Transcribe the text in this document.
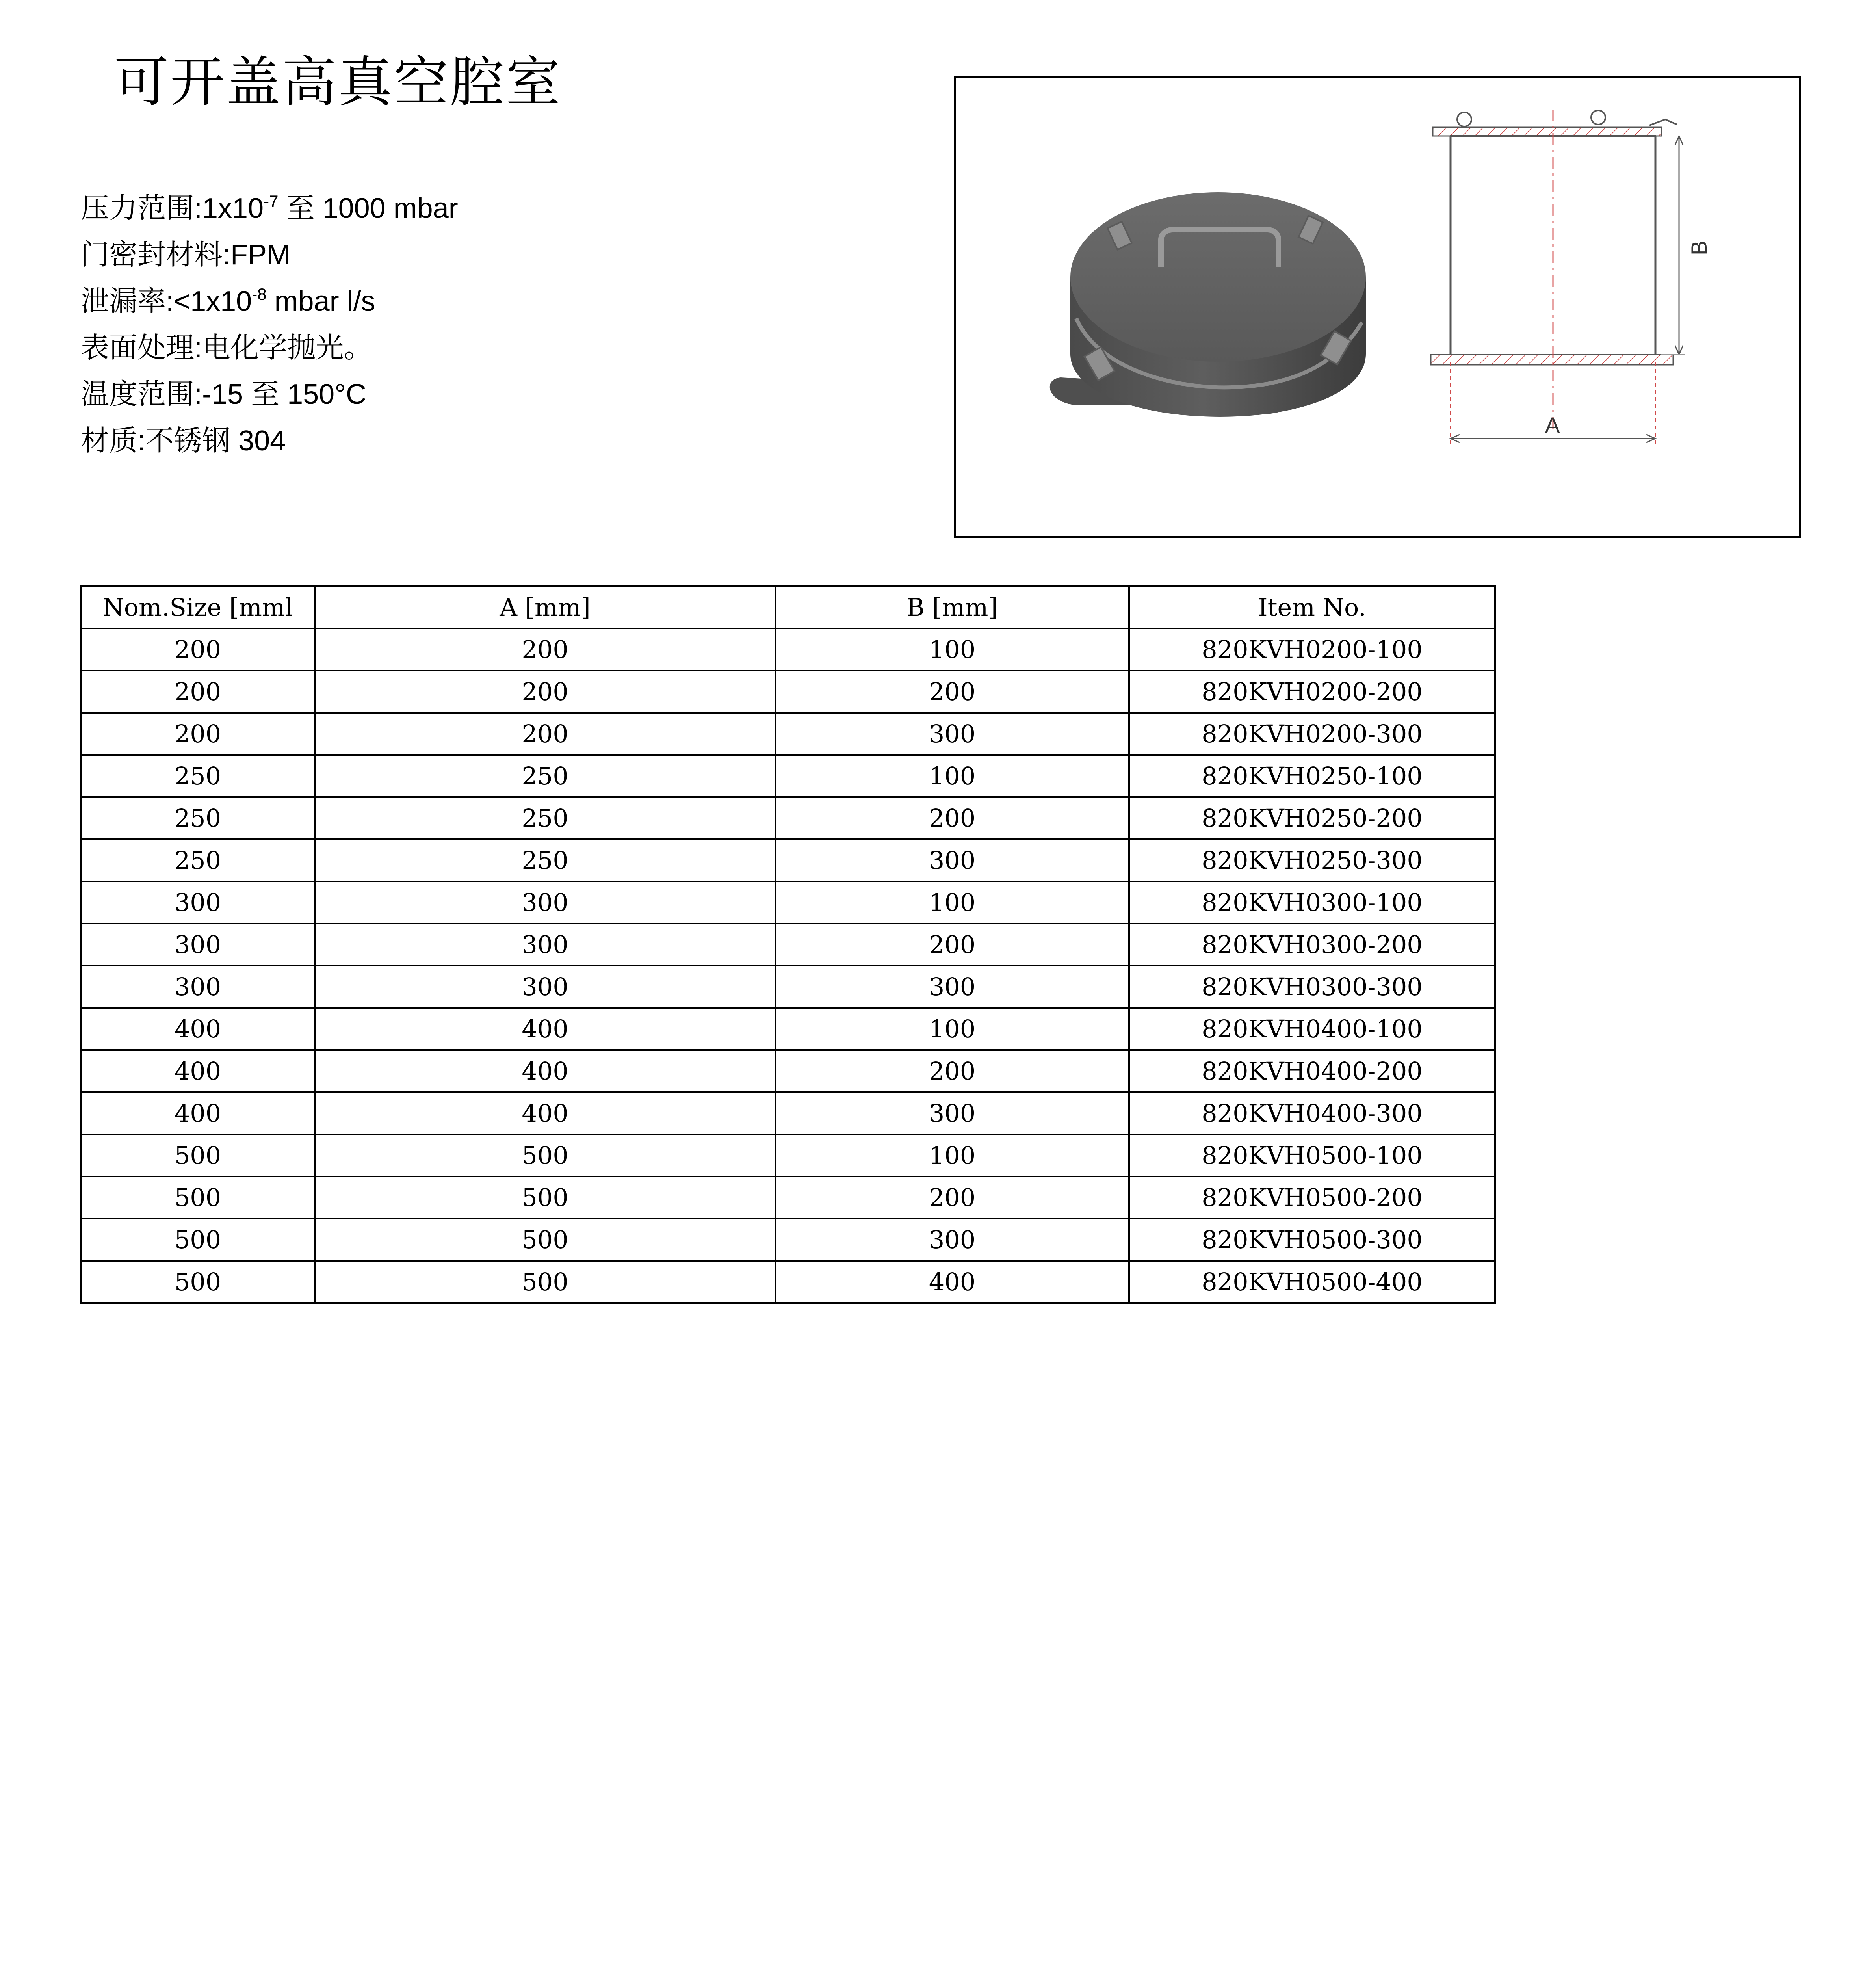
可开盖高真空腔室
压力范围$:1x10^{-7}$ 至 1000 mbar
门密封材料:FPM
泄漏率$:<1x10^{-8}$ mbar l/s
表面处理:电化学抛光。
温度范围:-15 至 150°C
材质:不锈钢 304
A
B
Nom.Size [mml	A [mm]	B [mm]	Item No.
200	200	100	820KVH0200-100
200	200	200	820KVH0200-200
200	200	300	820KVH0200-300
250	250	100	820KVH0250-100
250	250	200	820KVH0250-200
250	250	300	820KVH0250-300
300	300	100	820KVH0300-100
300	300	200	820KVH0300-200
300	300	300	820KVH0300-300
400	400	100	820KVH0400-100
400	400	200	820KVH0400-200
400	400	300	820KVH0400-300
500	500	100	820KVH0500-100
500	500	200	820KVH0500-200
500	500	300	820KVH0500-300
500	500	400	820KVH0500-400
